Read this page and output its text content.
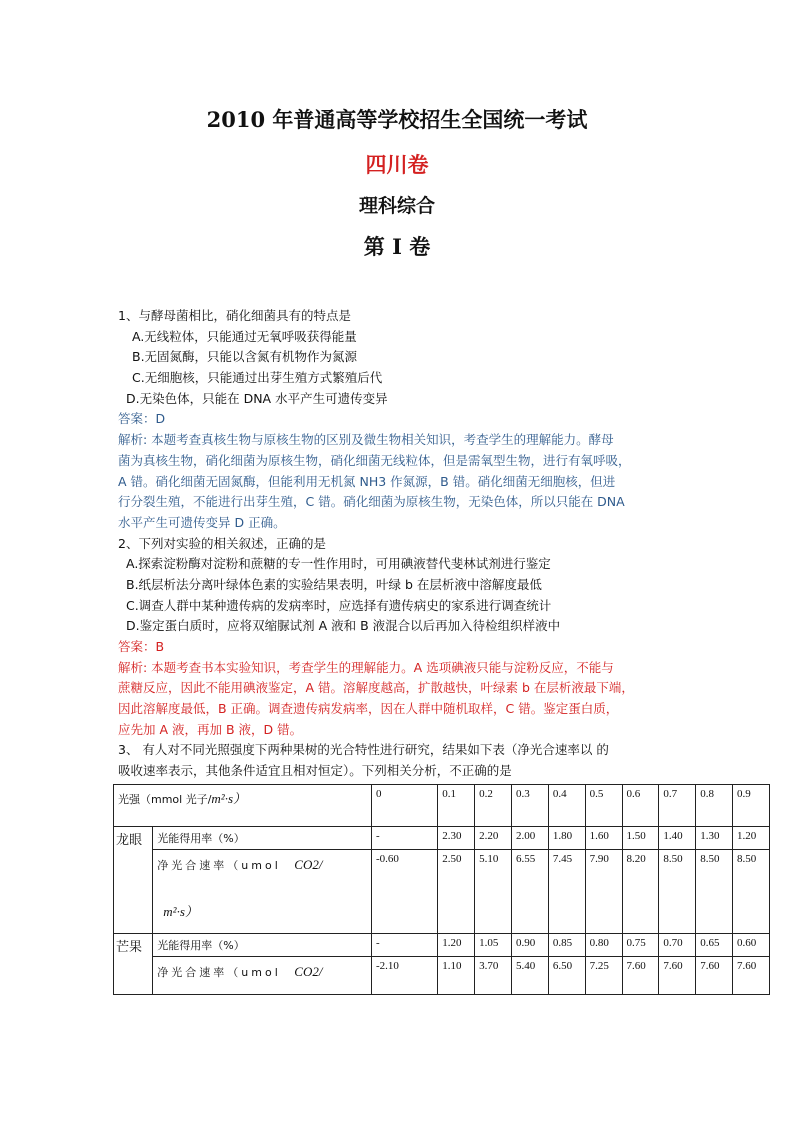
2010 年普通高等学校招生全国统一考试
四川卷
理科综合
第 I 卷
1、与酵母菌相比，硝化细菌具有的特点是
A.无线粒体，只能通过无氧呼吸获得能量
B.无固氮酶，只能以含氮有机物作为氮源
C.无细胞核，只能通过出芽生殖方式繁殖后代
D.无染色体，只能在 DNA 水平产生可遗传变异
答案：D
解析: 本题考查真核生物与原核生物的区别及微生物相关知识，考查学生的理解能力。酵母
菌为真核生物，硝化细菌为原核生物，硝化细菌无线粒体，但是需氧型生物，进行有氧呼吸，
A 错。硝化细菌无固氮酶，但能利用无机氮 NH3 作氮源，B 错。硝化细菌无细胞核，但进
行分裂生殖，不能进行出芽生殖，C 错。硝化细菌为原核生物，无染色体，所以只能在 DNA
水平产生可遗传变异 D 正确。
2、下列对实验的相关叙述，正确的是
A.探索淀粉酶对淀粉和蔗糖的专一性作用时，可用碘液替代斐林试剂进行鉴定
B.纸层析法分离叶绿体色素的实验结果表明，叶绿 b 在层析液中溶解度最低
C.调查人群中某种遗传病的发病率时，应选择有遗传病史的家系进行调查统计
D.鉴定蛋白质时，应将双缩脲试剂 A 液和 B 液混合以后再加入待检组织样液中
答案：B
解析: 本题考查书本实验知识，考查学生的理解能力。A 选项碘液只能与淀粉反应，不能与
蔗糖反应，因此不能用碘液鉴定，A 错。溶解度越高，扩散越快，叶绿素 b 在层析液最下端，
因此溶解度最低，B 正确。调查遗传病发病率，因在人群中随机取样，C 错。鉴定蛋白质，
应先加 A 液，再加 B 液，D 错。
3、 有人对不同光照强度下两种果树的光合特性进行研究，结果如下表（净光合速率以 的
吸收速率表示，其他条件适宜且相对恒定）。下列相关分析，不正确的是
光强（mmol 光子/m²·s）		0	0.1	0.2	0.3	0.4	0.5	0.6	0.7	0.8	0.9
龙眼	光能得用率（%）	-	2.30	2.20	2.00	1.80	1.60	1.50	1.40	1.30	1.20

	净光合速率（umol CO2/
m²·s）	-0.60	2.50	5.10	6.55	7.45	7.90	8.20	8.50	8.50	8.50
芒果	光能得用率（%）	-	1.20	1.05	0.90	0.85	0.80	0.75	0.70	0.65	0.60

	净光合速率（umol CO2/	-2.10	1.10	3.70	5.40	6.50	7.25	7.60	7.60	7.60	7.60
